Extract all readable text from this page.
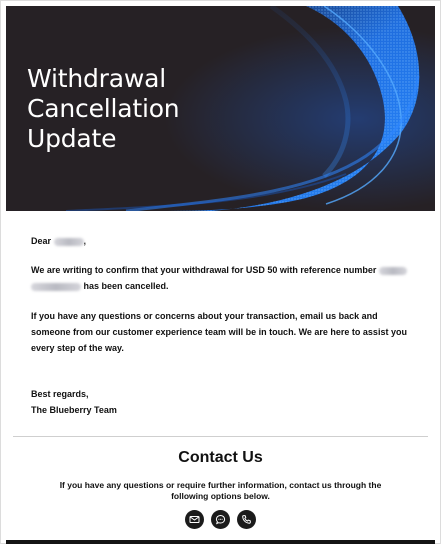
Withdrawal
Cancellation
Update

Dear	,

We are writing to confirm that your withdrawal for USD 50 with reference number
has been cancelled.

If you have any questions or concerns about your transaction, email us back and someone from our customer experience team will be in touch. We are here to assist you every step of the way.

Best regards,

The Blueberry Team

Contact Us

If you have any questions or require further information, contact us through the following options below.
